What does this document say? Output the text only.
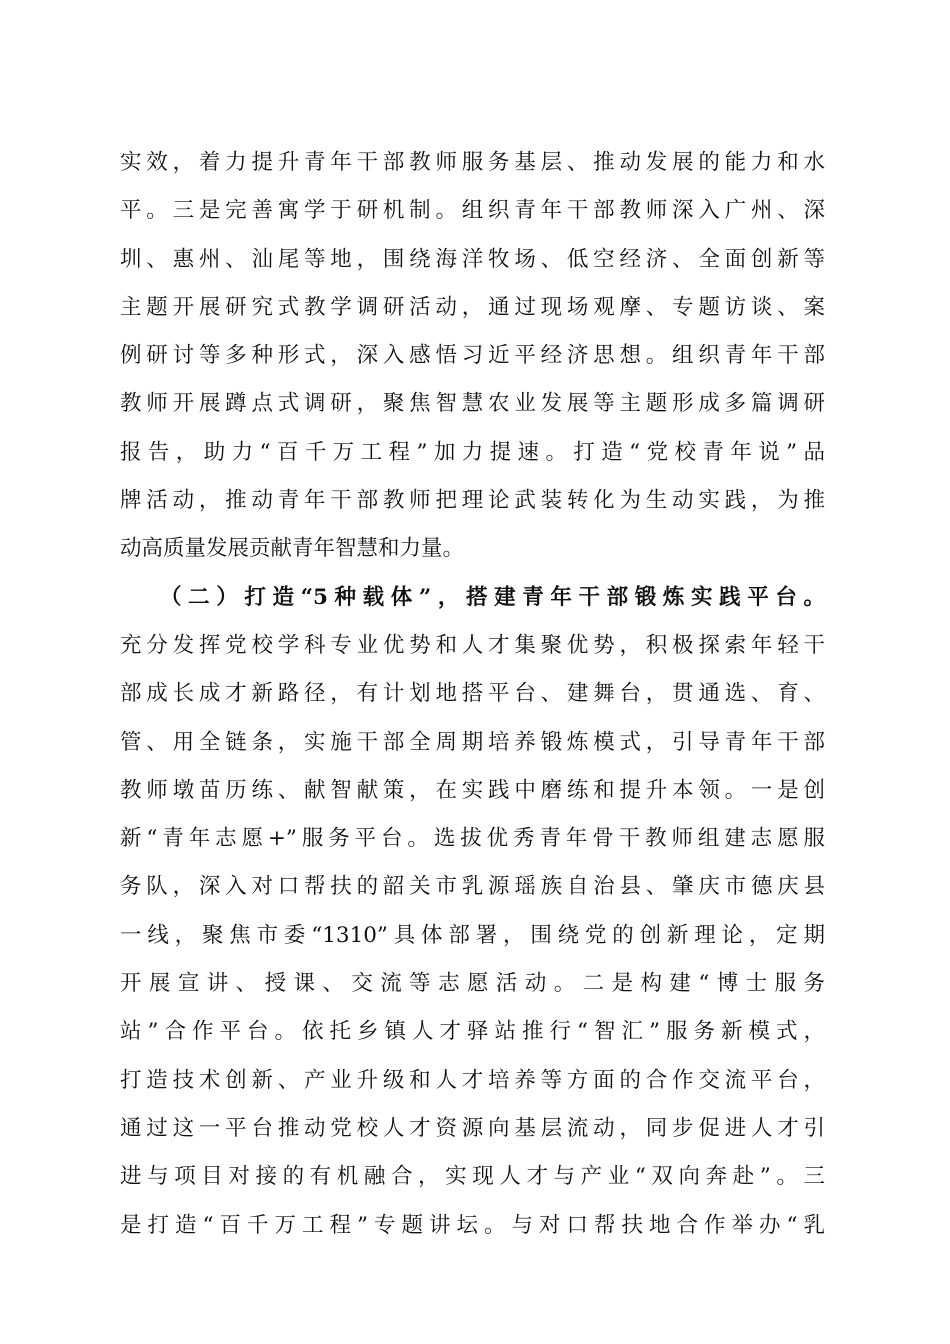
实效，着力提升青年干部教师服务基层、推动发展的能力和水
平。三是完善寓学于研机制。组织青年干部教师深入广州、深
圳、惠州、汕尾等地，围绕海洋牧场、低空经济、全面创新等
主题开展研究式教学调研活动，通过现场观摩、专题访谈、案
例研讨等多种形式，深入感悟习近平经济思想。组织青年干部
教师开展蹲点式调研，聚焦智慧农业发展等主题形成多篇调研
报告，助力“百千万工程”加力提速。打造“党校青年说”品
牌活动，推动青年干部教师把理论武装转化为生动实践，为推
动高质量发展贡献青年智慧和力量。
（二）打造“5种载体”，搭建青年干部锻炼实践平台。
充分发挥党校学科专业优势和人才集聚优势，积极探索年轻干
部成长成才新路径，有计划地搭平台、建舞台，贯通选、育、
管、用全链条，实施干部全周期培养锻炼模式，引导青年干部
教师墩苗历练、献智献策，在实践中磨练和提升本领。一是创
新“青年志愿+”服务平台。选拔优秀青年骨干教师组建志愿服
务队，深入对口帮扶的韶关市乳源瑶族自治县、肇庆市德庆县
一线，聚焦市委“1310”具体部署，围绕党的创新理论，定期
开展宣讲、授课、交流等志愿活动。二是构建“博士服务
站”合作平台。依托乡镇人才驿站推行“智汇”服务新模式，
打造技术创新、产业升级和人才培养等方面的合作交流平台，
通过这一平台推动党校人才资源向基层流动，同步促进人才引
进与项目对接的有机融合，实现人才与产业“双向奔赴”。三
是打造“百千万工程”专题讲坛。与对口帮扶地合作举办“乳
